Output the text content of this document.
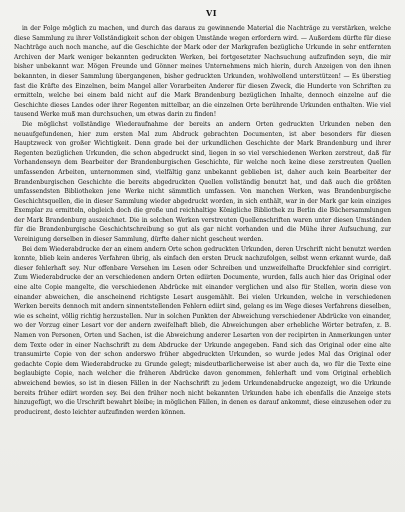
VI

in der Folge möglich zu machen, und durch das daraus zu gewinnende Material die Nachträge zu verstärken, welche diese Sammlung zu ihrer Vollständigkeit schon der obigen Umstände wegen erfordern wird. — Außerdem dürfte für diese Nachträge auch noch manche, auf die Geschichte der Mark oder der Markgrafen bezügliche Urkunde in sehr entfernten Archiven der Mark weniger bekannten gedruckten Werken, bei fortgesetzter Nachsuchung aufzufinden seyn, die mir bisher unbekannt war. Mögen Freunde und Gönner meines Unternehmens mich hierin, durch Anzeigen von den ihnen bekannten, in dieser Sammlung übergangenen, bisher gedruckten Urkunden, wohlwollend unterstützen! — Es überstieg fast die Kräfte des Einzelnen, beim Mangel aller Vorarbeiten Anderer für diesen Zweck, die Hunderte von Schriften zu ermitteln, welche bei einem bald nicht auf die Mark Brandenburg bezüglichen Inhalte, dennoch einzelne auf die Geschichte dieses Landes oder ihrer Regenten mittelbar, an die einzelnen Orte berührende Urkunden enthalten. Wie viel tausend Werke muß man durchsuchen, um etwas darin zu finden!

Die möglichst vollständige Wiederaufnahme der bereits an andern Orten gedruckten Urkunden neben den neuaufgefundenen, hier zum ersten Mal zum Abdruck gebrachten Documenten, ist aber besonders für diesen Hauptzweck von großer Wichtigkeit. Denn grade bei der urkundlichen Geschichte der Mark Brandenburg und ihrer Regenten bezüglichen Urkunden, die schon abgedruckt sind, liegen in so viel verschiedenen Werken zerstreut, daß für Vorhandenseyn dem Bearbeiter der Brandenburgischen Geschichte, für welche noch keine diese zerstreuten Quellen umfassenden Arbeiten, unternommen sind, vielfältig ganz unbekannt geblieben ist, daher auch kein Bearbeiter der Brandenburgischen Geschichte die bereits abgedruckten Quellen vollständig benutzt hat, und daß auch die größten umfassendsten Bibliotheken jene Werke nicht sämmtlich umfassen. Von manchen Werken, was Brandenburgische Geschichtsquellen, die in dieser Sammlung wieder abgedruckt worden, in sich enthält, war in der Mark gar kein einziges Exemplar zu ermitteln, obgleich doch die große und reichhaltige Königliche Bibliothek zu Berlin die Büchersammlungen der Mark Brandenburg auszeichnet. Die in solchen Werken verstreuten Quellenschriften waren unter diesen Umständen für die Brandenburgische Geschichtschreibung so gut als gar nicht vorhanden und die Mühe ihrer Aufsuchung, zur Vereinigung derselben in dieser Sammlung, dürfte daher nicht gescheut werden.

Bei dem Wiederabdrucke der an einem andern Orte schon gedruckten Urkunden, deren Urschrift nicht benutzt werden konnte, blieb kein anderes Verfahren übrig, als einfach den ersten Druck nachzufolgen, selbst wenn erkannt wurde, daß dieser fehlerhaft sey. Nur offenbare Versehen im Lesen oder Schreiben und unzweifelhafte Druckfehler sind corrigirt. Zum Wiederabdrucke der an verschiedenen andern Orten ediirten Documente, wurden, falls auch hier das Original oder eine alte Copie mangelte, die verschiedenen Abdrücke mit einander verglichen und also für Stellen, worin diese von einander abweichen, die anscheinend richtigste Lesart ausgemählt. Bei vielen Urkunden, welche in verschiedenen Werken bereits dennoch mit andern sinnentstellenden Fehlern ediirt sind, gelang es im Wege dieses Verfahrens dieselben, wie es scheint, völlig richtig herzustellen. Nur in solchen Punkten der Abweichung verschiedener Abdrücke von einander, wo der Vorzug einer Lesart vor der andern zweifelhaft blieb, die Abweichungen aber erhebliche Wörter betrafen, z. B. Namen von Personen, Orten und Sachen, ist die Abweichung anderer Lesarten von der recipirten in Anmerkungen unter dem Texte oder in einer Nachschrift zu dem Abdrucke der Urkunde angegeben. Fand sich das Original oder eine alte transumirte Copie von der schon anderswo früher abgedruckten Urkunden, so wurde jedes Mal das Original oder gedachte Copie dem Wiederabdrucke zu Grunde gelegt; misdeutbarlicherweise ist aber auch da, wo für die Texte eine beglaubigte Copie, nach welcher die früheren Abdrücke davon genommen, fehlerhaft und vom Original erheblich abweichend bewies, so ist in diesen Fällen in der Nachschrift zu jedem Urkundenabdrucke angezeigt, wo die Urkunde bereits früher ediirt worden sey. Bei den früher noch nicht bekannten Urkunden habe ich ebenfalls die Anzeige stets hinzugefügt, wo die Urschrift bewahrt bleibe; in möglichen Fällen, in denen es darauf ankommt, diese einzusehen oder zu producirent, desto leichter aufzufinden werden können.
